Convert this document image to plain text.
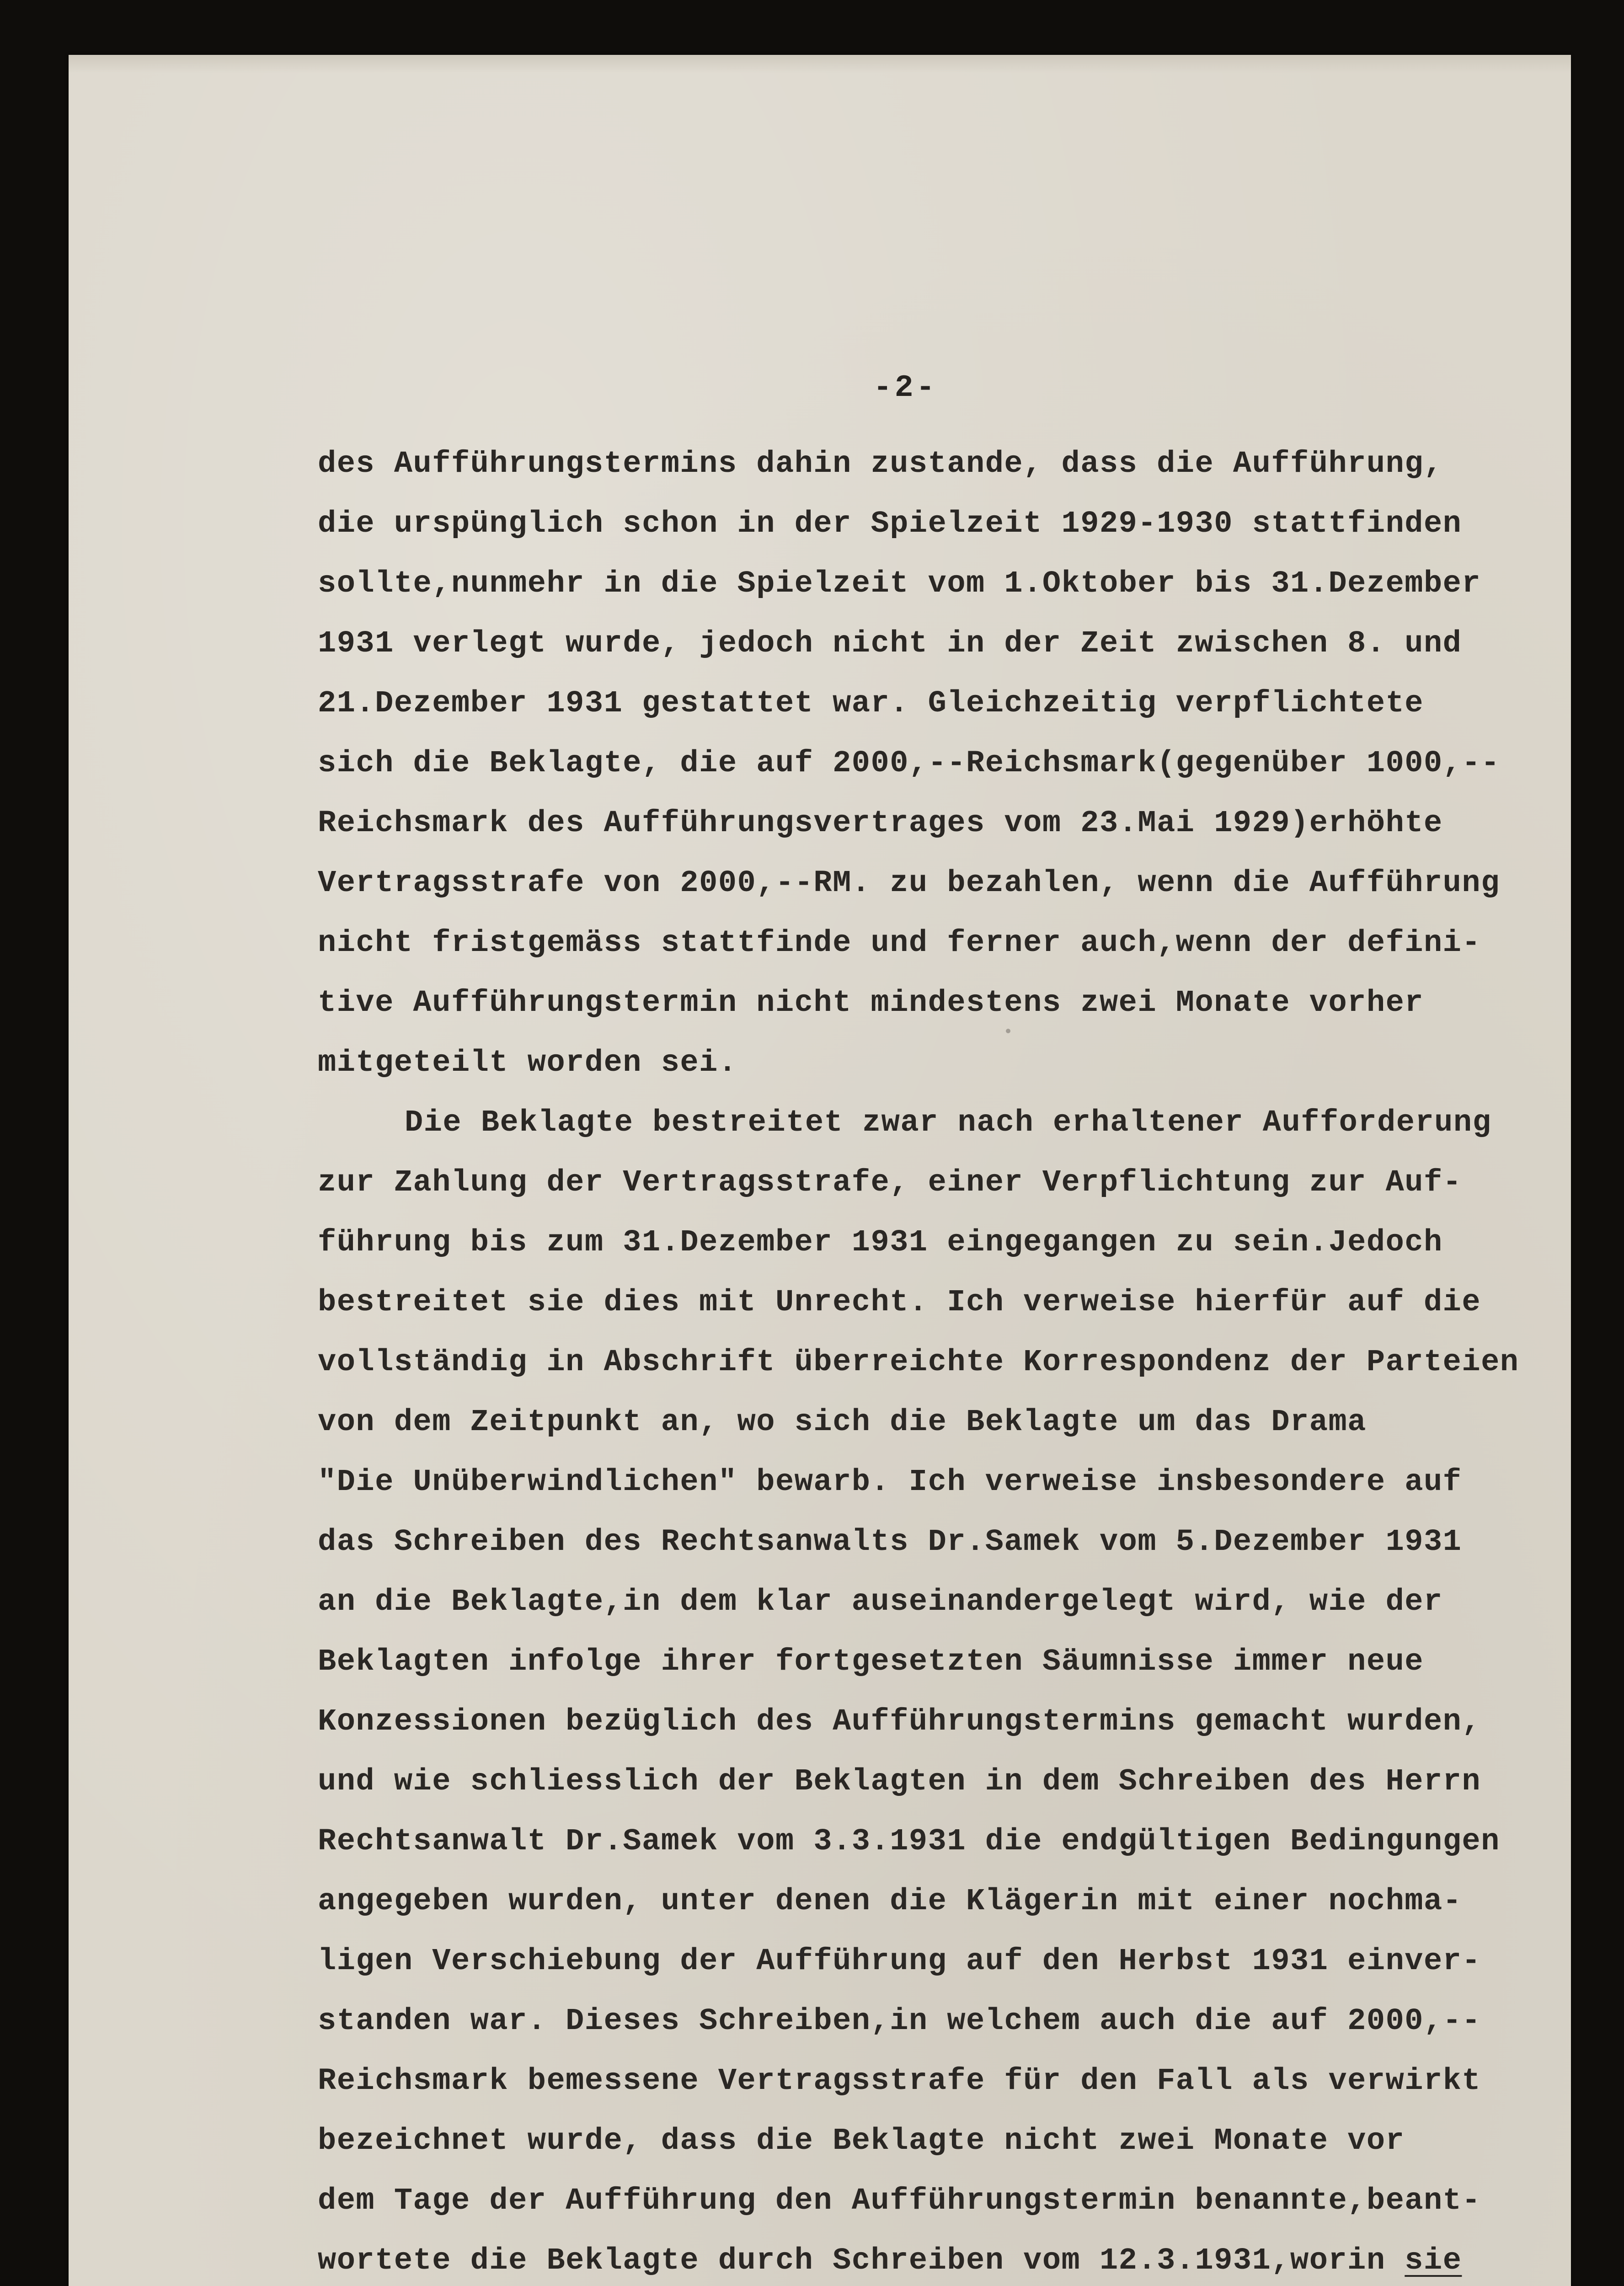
-2-
des Aufführungstermins dahin zustande, dass die Aufführung,
die urspünglich schon in der Spielzeit 1929-1930 stattfinden
sollte,nunmehr in die Spielzeit vom 1.Oktober bis 31.Dezember
1931 verlegt wurde, jedoch nicht in der Zeit zwischen 8. und
21.Dezember 1931 gestattet war. Gleichzeitig verpflichtete
sich die Beklagte, die auf 2000,--Reichsmark(gegenüber 1000,--
Reichsmark des Aufführungsvertrages vom 23.Mai 1929)erhöhte
Vertragsstrafe von 2000,--RM. zu bezahlen, wenn die Aufführung
nicht fristgemäss stattfinde und ferner auch,wenn der defini-
tive Aufführungstermin nicht mindestens zwei Monate vorher
mitgeteilt worden sei.
Die Beklagte bestreitet zwar nach erhaltener Aufforderung
zur Zahlung der Vertragsstrafe, einer Verpflichtung zur Auf-
führung bis zum 31.Dezember 1931 eingegangen zu sein.Jedoch
bestreitet sie dies mit Unrecht. Ich verweise hierfür auf die
vollständig in Abschrift überreichte Korrespondenz der Parteien
von dem Zeitpunkt an, wo sich die Beklagte um das Drama
"Die Unüberwindlichen" bewarb. Ich verweise insbesondere auf
das Schreiben des Rechtsanwalts Dr.Samek vom 5.Dezember 1931
an die Beklagte,in dem klar auseinandergelegt wird, wie der
Beklagten infolge ihrer fortgesetzten Säumnisse immer neue
Konzessionen bezüglich des Aufführungstermins gemacht wurden,
und wie schliesslich der Beklagten in dem Schreiben des Herrn
Rechtsanwalt Dr.Samek vom 3.3.1931 die endgültigen Bedingungen
angegeben wurden, unter denen die Klägerin mit einer nochma-
ligen Verschiebung der Aufführung auf den Herbst 1931 einver-
standen war. Dieses Schreiben,in welchem auch die auf 2000,--
Reichsmark bemessene Vertragsstrafe für den Fall als verwirkt
bezeichnet wurde, dass die Beklagte nicht zwei Monate vor
dem Tage der Aufführung den Aufführungstermin benannte,beant-
wortete die Beklagte durch Schreiben vom 12.3.1931,worin sie
